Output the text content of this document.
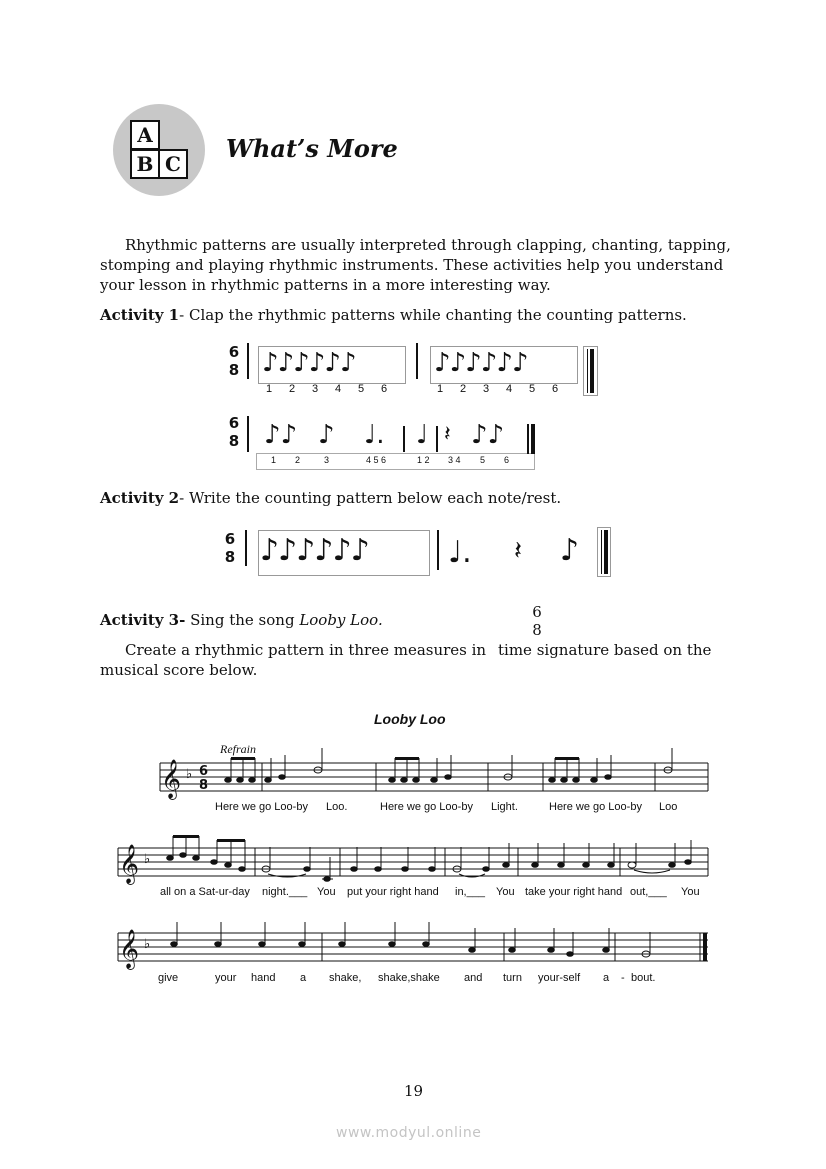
A
B C
What’s More
Rhythmic patterns are usually interpreted through clapping, chanting, tapping,
stomping and playing rhythmic instruments. These activities help you understand
your lesson in rhythmic patterns in a more interesting way.
Activity 1- Clap the rhythmic patterns while chanting the counting patterns.
6
8 ♪♪♪♪♪♪	♪♪♪♪♪♪
1 2 3 4 5 6	1 2 3 4 5 6
6
8 ♪♪ ♪ ♩. ♩ 𝄽 ♪♪
1 2	3	4 5 6	1 2 3 4 5 6
Activity 2- Write the counting pattern below each note/rest.
6
8 ♪♪♪♪♪♪	♩. 𝄽 ♪
Activity 3- Sing the song Looby Loo.	6
8
Create a rhythmic pattern in three measures in time signature based on the
musical score below.
Looby Loo
Refrain
𝄞
𝄞
𝄞
♭
♭
♭
6
8
Here we go Loo-by Loo.	Here we go Loo-by Light.	Here we go Loo-by Loo
all on a Sat-ur-day night.___ You put your right hand in,___ You take your right hand out,___ You
give	your hand a shake, shake,shake and turn your-self a - bout.
19
www.modyul.online
